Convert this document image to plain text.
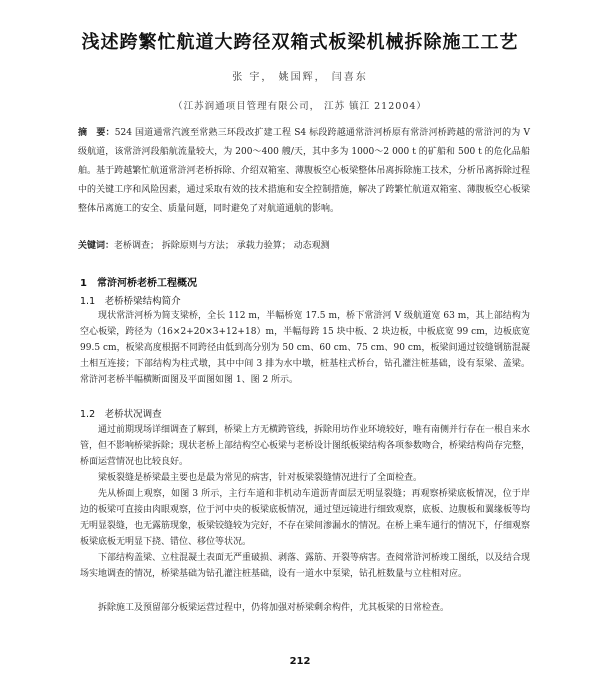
浅述跨繁忙航道大跨径双箱式板梁机械拆除施工工艺
张 宇， 姚国辉， 闫喜东
（江苏润通项目管理有限公司， 江苏 镇江 212004）
摘　要：524 国道通常汽渡至常熟三环段改扩建工程 S4 标段跨越通常浒河桥原有常浒河桥跨越的常浒河的为 V 级航道，该常浒河段船航流量较大，为 200～400 艘/天，其中多为 1000～2 000 t 的矿船和 500 t 的危化品船舶。基于跨越繁忙航道常浒河老桥拆除、介绍双箱室、薄腹板空心板梁整体吊离拆除施工技术，分析吊离拆除过程中的关键工序和风险因素，通过采取有效的技术措施和安全控制措施，解决了跨繁忙航道双箱室、薄腹板空心板梁整体吊离施工的安全、质量问题，同时避免了对航道通航的影响。
关键词：老桥调查； 拆除原则与方法； 承载力验算； 动态观测
1　常浒河桥老桥工程概况
1.1　老桥桥梁结构简介
现状常浒河桥为简支梁桥，全长 112 m，半幅桥宽 17.5 m，桥下常浒河 V 级航道宽 63 m，其上部结构为空心板梁，跨径为（16×2+20×3+12+18）m，半幅每跨 15 块中板、2 块边板，中板底宽 99 cm，边板底宽 99.5 cm，板梁高度根据不同跨径由低到高分别为 50 cm、60 cm、75 cm、90 cm，板梁间通过铰缝钢筋混凝土相互连接；下部结构为柱式墩，其中中间 3 排为水中墩，桩基柱式桥台，钻孔灌注桩基础，设有泵梁、盖梁。常浒河老桥半幅横断面图及平面图如图 1、图 2 所示。
1.2　老桥状况调查
通过前期现场详细调查了解到，桥梁上方无横跨管线，拆除用坊作业环境较好，唯有南侧并行存在一根自来水管，但不影响桥梁拆除；现状老桥上部结构空心板梁与老桥设计图纸板梁结构各项参数吻合，桥梁结构尚存完整，桥面运营情况也比较良好。
梁板裂缝是桥梁最主要也是最为常见的病害，针对板梁裂缝情况进行了全面检查。
先从桥面上观察，如图 3 所示，主行车道和非机动车道沥青面层无明显裂缝；再观察桥梁底板情况，位于岸边的板梁可直接由肉眼观察，位于河中央的板梁底板情况，通过望远镜进行细致观察，底板、边腹板和翼缘板等均无明显裂缝，也无露筋现象，板梁铰缝较为完好，不存在梁间渗漏水的情况。在桥上乘车通行的情况下，仔细观察板梁底板无明显下挠、错位、移位等状况。
下部结构盖梁、立柱混凝土表面无严重破损、剥落、露筋、开裂等病害。查阅常浒河桥竣工图纸，以及结合现场实地调查的情况，桥梁基础为钻孔灌注桩基础，设有一道水中泵梁，钻孔桩数量与立柱相对应。
拆除施工及预留部分板梁运营过程中，仍将加强对桥梁剩余构件，尤其板梁的日常检查。
212
